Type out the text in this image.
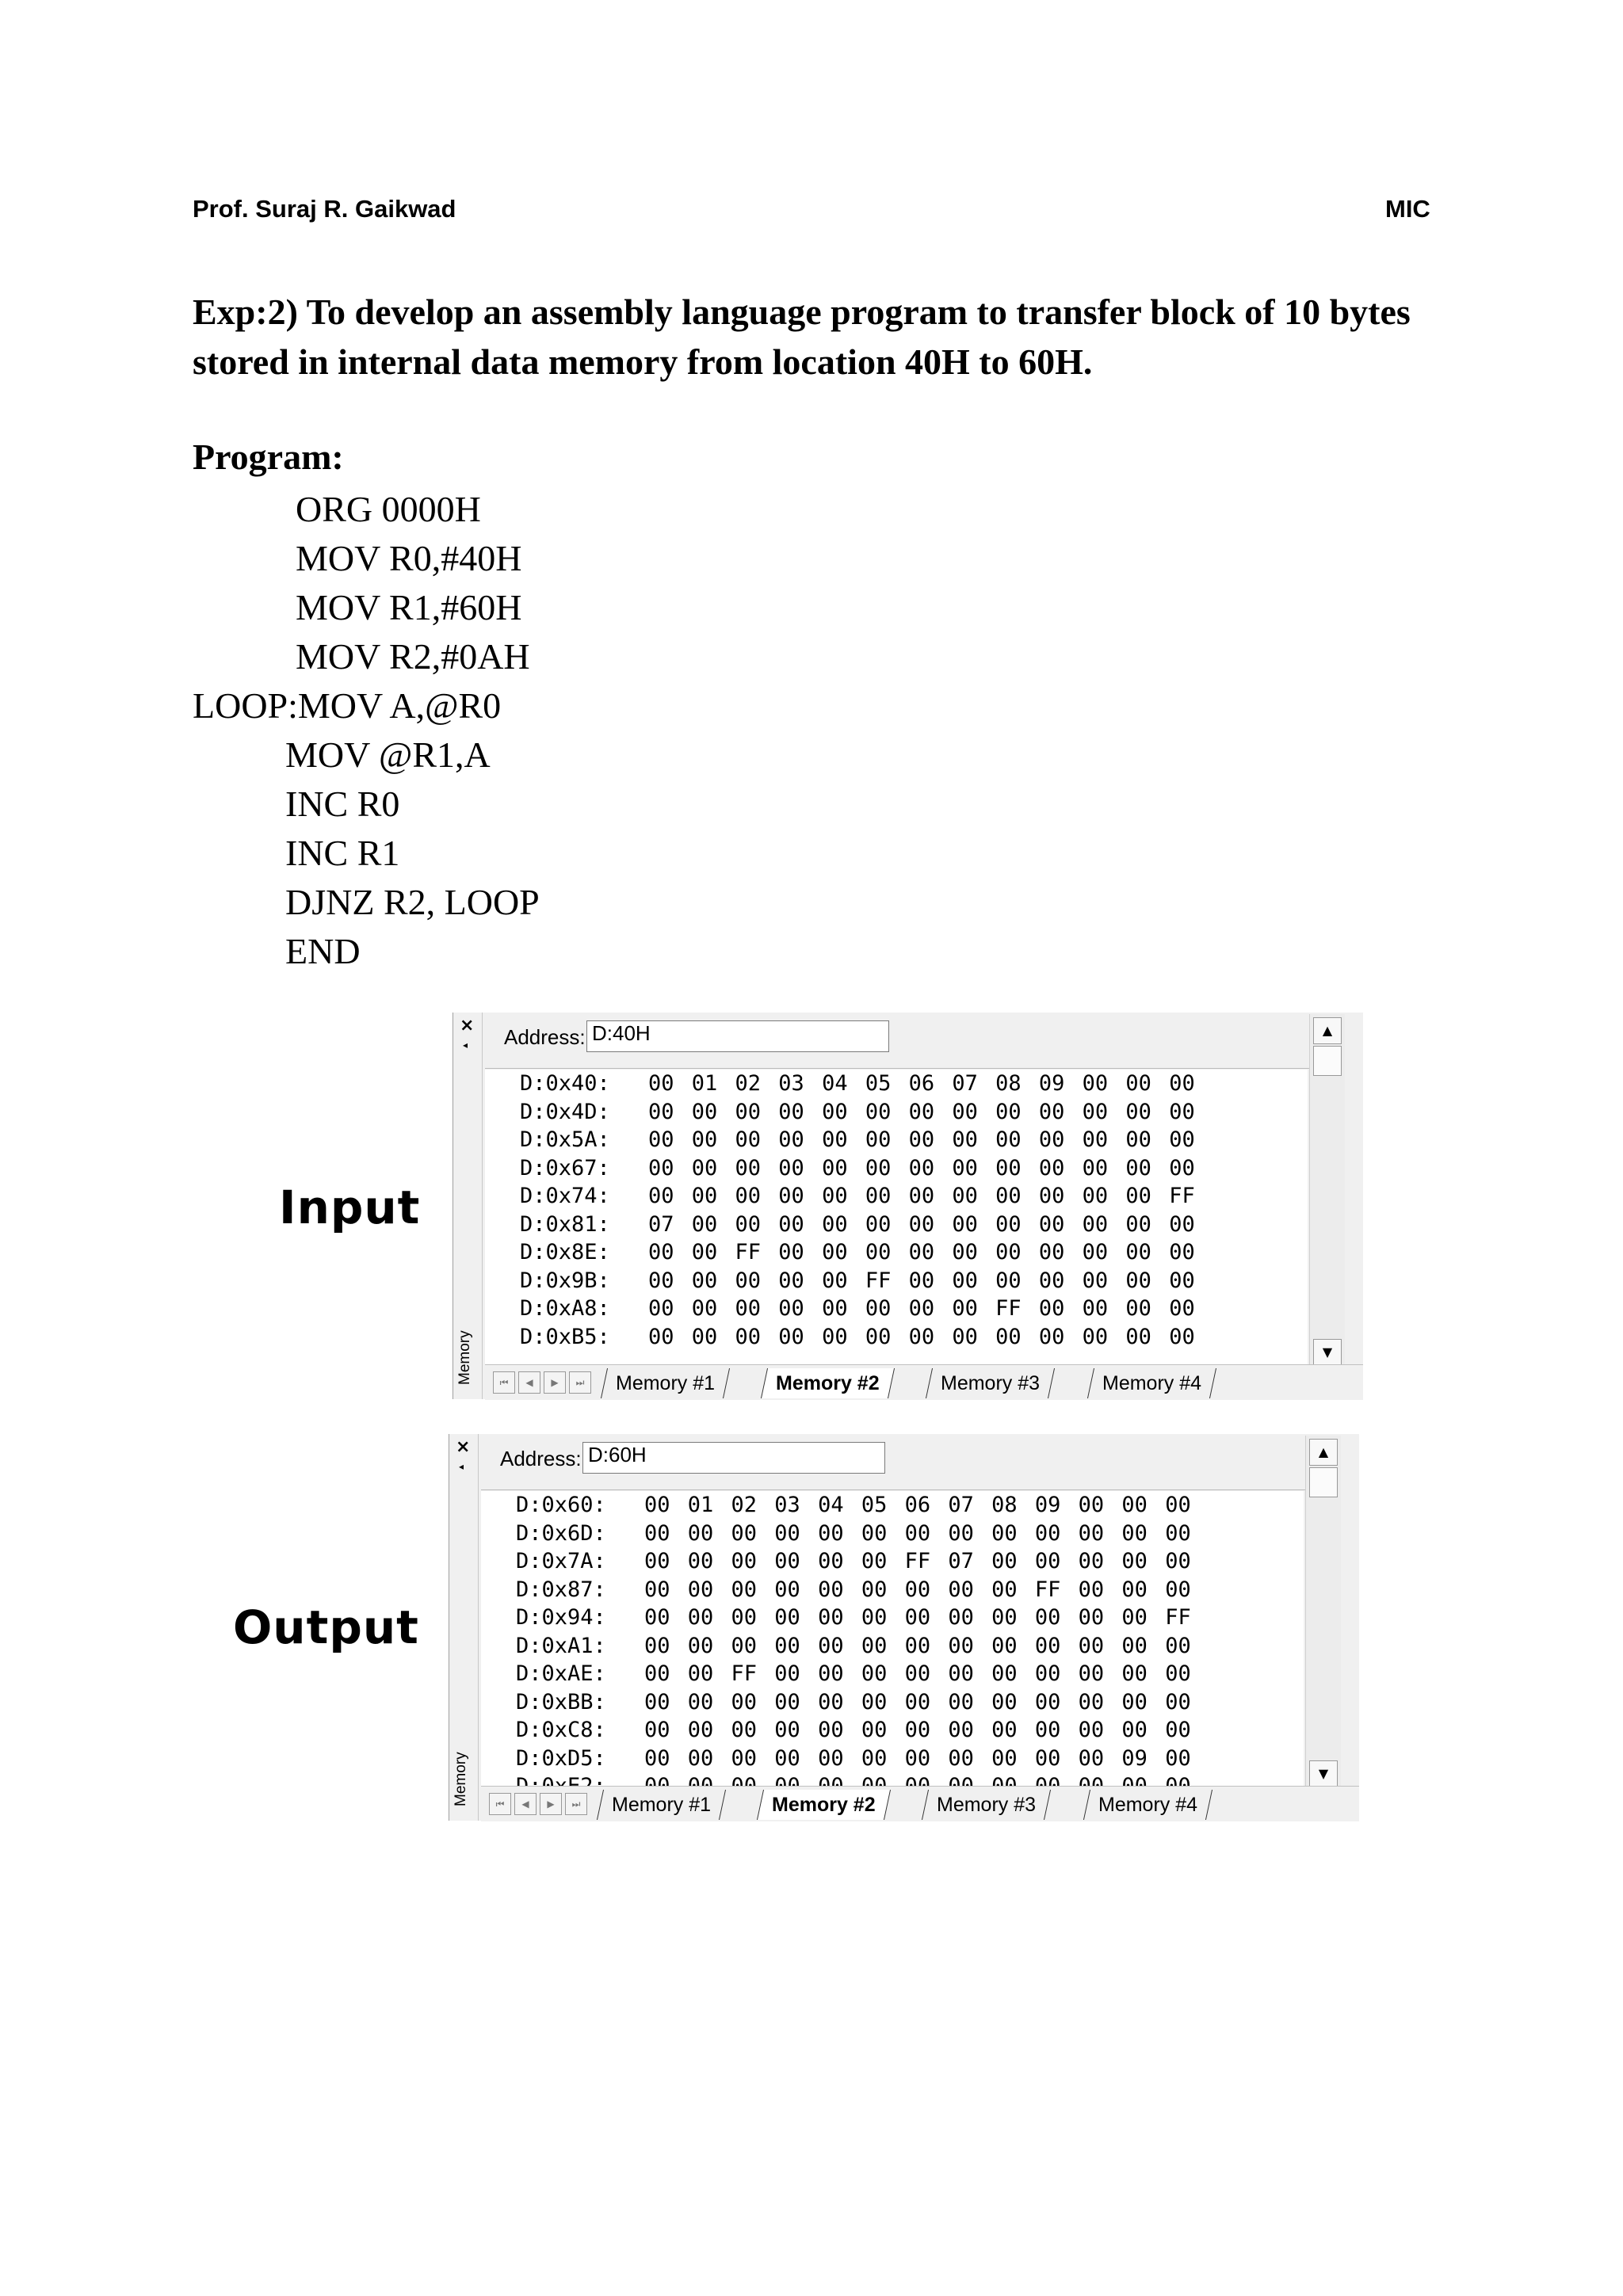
Prof. Suraj R. Gaikwad	MIC
Exp:2) To develop an assembly language program to transfer block of 10 bytes stored in internal data memory from location 40H to 60H.
Program:
ORG 0000H
MOV R0,#40H
MOV R1,#60H
MOV R2,#0AH
LOOP:MOV A,@R0
MOV @R1,A
INC R0
INC R1
DJNZ R2, LOOP
END
Input
Output
×
◂
Memory
Address: D:40H
D:0x40: 00 01 02 03 04 05 06 07 08 09 00 00 00
D:0x4D: 00 00 00 00 00 00 00 00 00 00 00 00 00
D:0x5A: 00 00 00 00 00 00 00 00 00 00 00 00 00
D:0x67: 00 00 00 00 00 00 00 00 00 00 00 00 00
D:0x74: 00 00 00 00 00 00 00 00 00 00 00 00 FF
D:0x81: 07 00 00 00 00 00 00 00 00 00 00 00 00
D:0x8E: 00 00 FF 00 00 00 00 00 00 00 00 00 00
D:0x9B: 00 00 00 00 00 FF 00 00 00 00 00 00 00
D:0xA8: 00 00 00 00 00 00 00 00 FF 00 00 00 00
D:0xB5: 00 00 00 00 00 00 00 00 00 00 00 00 00
▲
▼
⏮	◀	▶	⏭	Memory #1	Memory #2	Memory #3	Memory #4
×
◂
Memory
Address: D:60H
D:0x60: 00 01 02 03 04 05 06 07 08 09 00 00 00
D:0x6D: 00 00 00 00 00 00 00 00 00 00 00 00 00
D:0x7A: 00 00 00 00 00 00 FF 07 00 00 00 00 00
D:0x87: 00 00 00 00 00 00 00 00 00 FF 00 00 00
D:0x94: 00 00 00 00 00 00 00 00 00 00 00 00 FF
D:0xA1: 00 00 00 00 00 00 00 00 00 00 00 00 00
D:0xAE: 00 00 FF 00 00 00 00 00 00 00 00 00 00
D:0xBB: 00 00 00 00 00 00 00 00 00 00 00 00 00
D:0xC8: 00 00 00 00 00 00 00 00 00 00 00 00 00
D:0xD5: 00 00 00 00 00 00 00 00 00 00 00 09 00
▲
▼
⏮	◀	▶	⏭	Memory #1	Memory #2	Memory #3	Memory #4
